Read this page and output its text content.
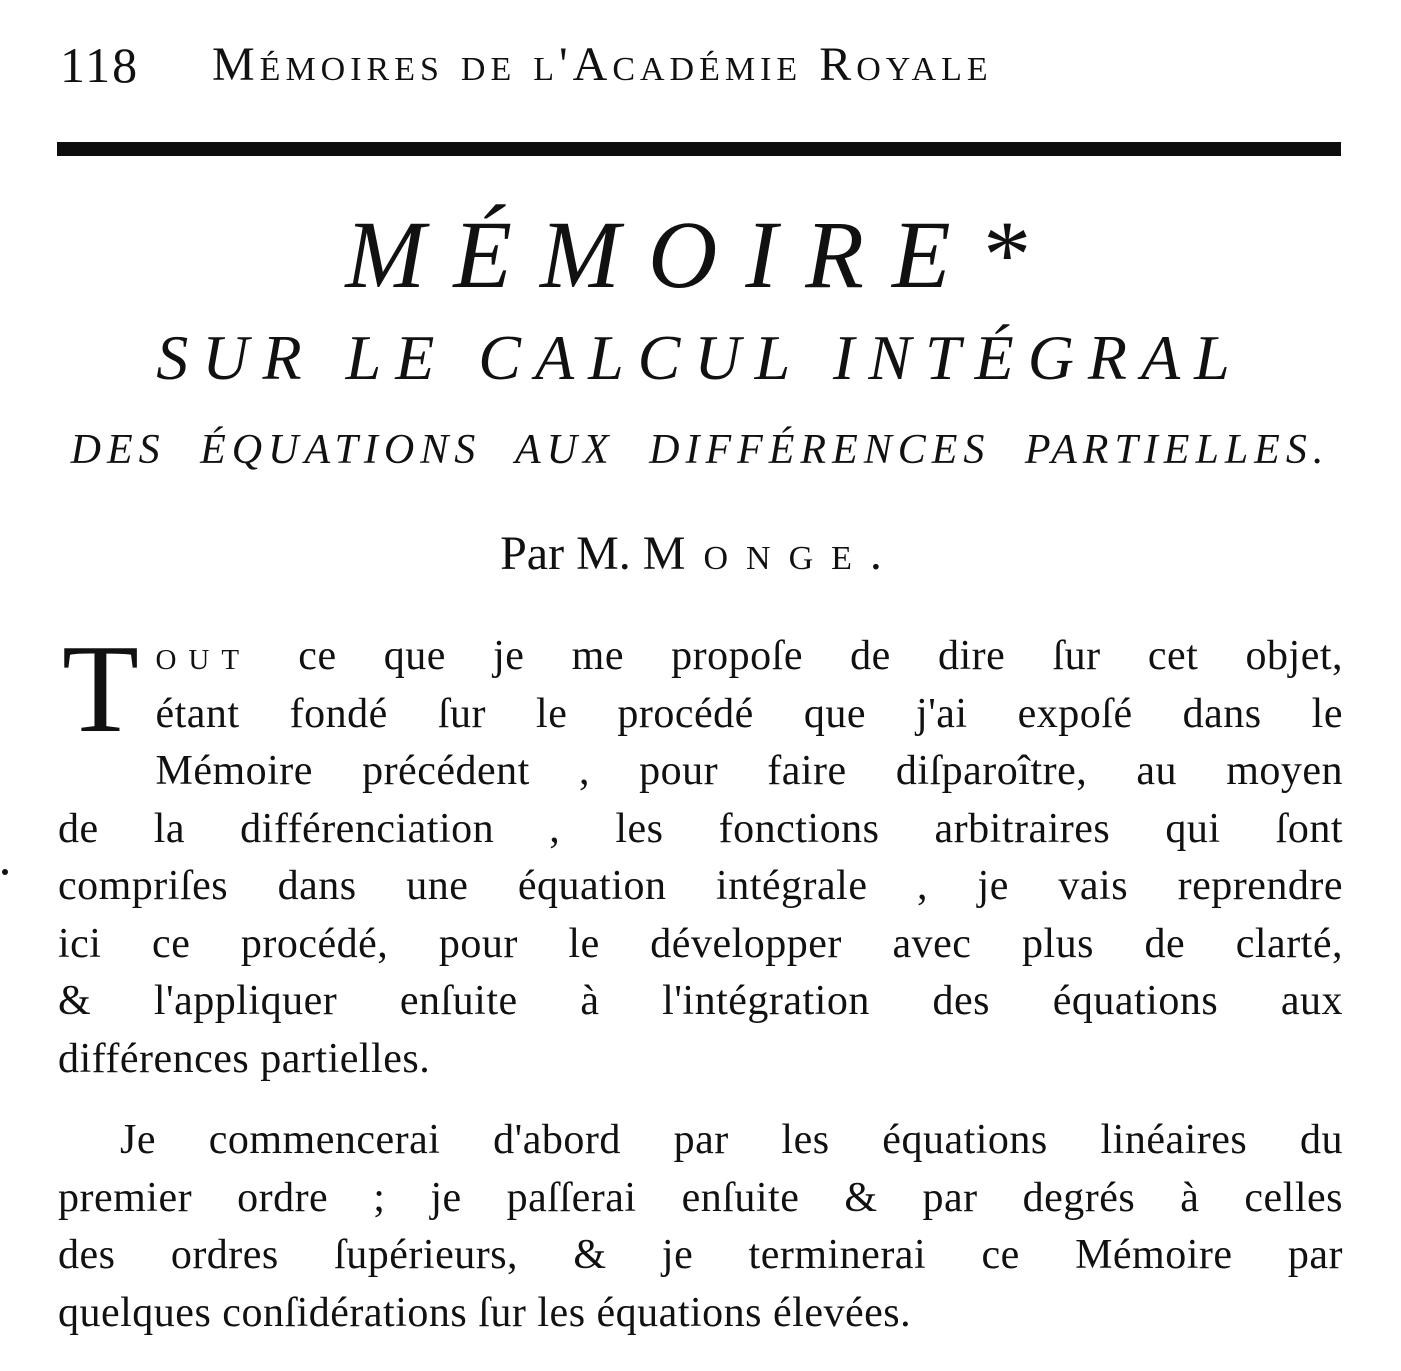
118 Mémoires de l'Académie Royale
MÉMOIRE*
SUR LE CALCUL INTÉGRAL
DES ÉQUATIONS AUX DIFFÉRENCES PARTIELLES.
Par M. Monge.
T out ce que je me propoſe de dire ſur cet objet,
étant fondé ſur le procédé que j'ai expoſé dans le
Mémoire précédent , pour faire diſparoître, au moyen
de la différenciation , les fonctions arbitraires qui ſont
compriſes dans une équation intégrale , je vais reprendre
ici ce procédé, pour le développer avec plus de clarté,
& l'appliquer enſuite à l'intégration des équations aux
différences partielles.
Je commencerai d'abord par les équations linéaires du
premier ordre ; je paſſerai enſuite & par degrés à celles
des ordres ſupérieurs, & je terminerai ce Mémoire par
quelques conſidérations ſur les équations élevées.
